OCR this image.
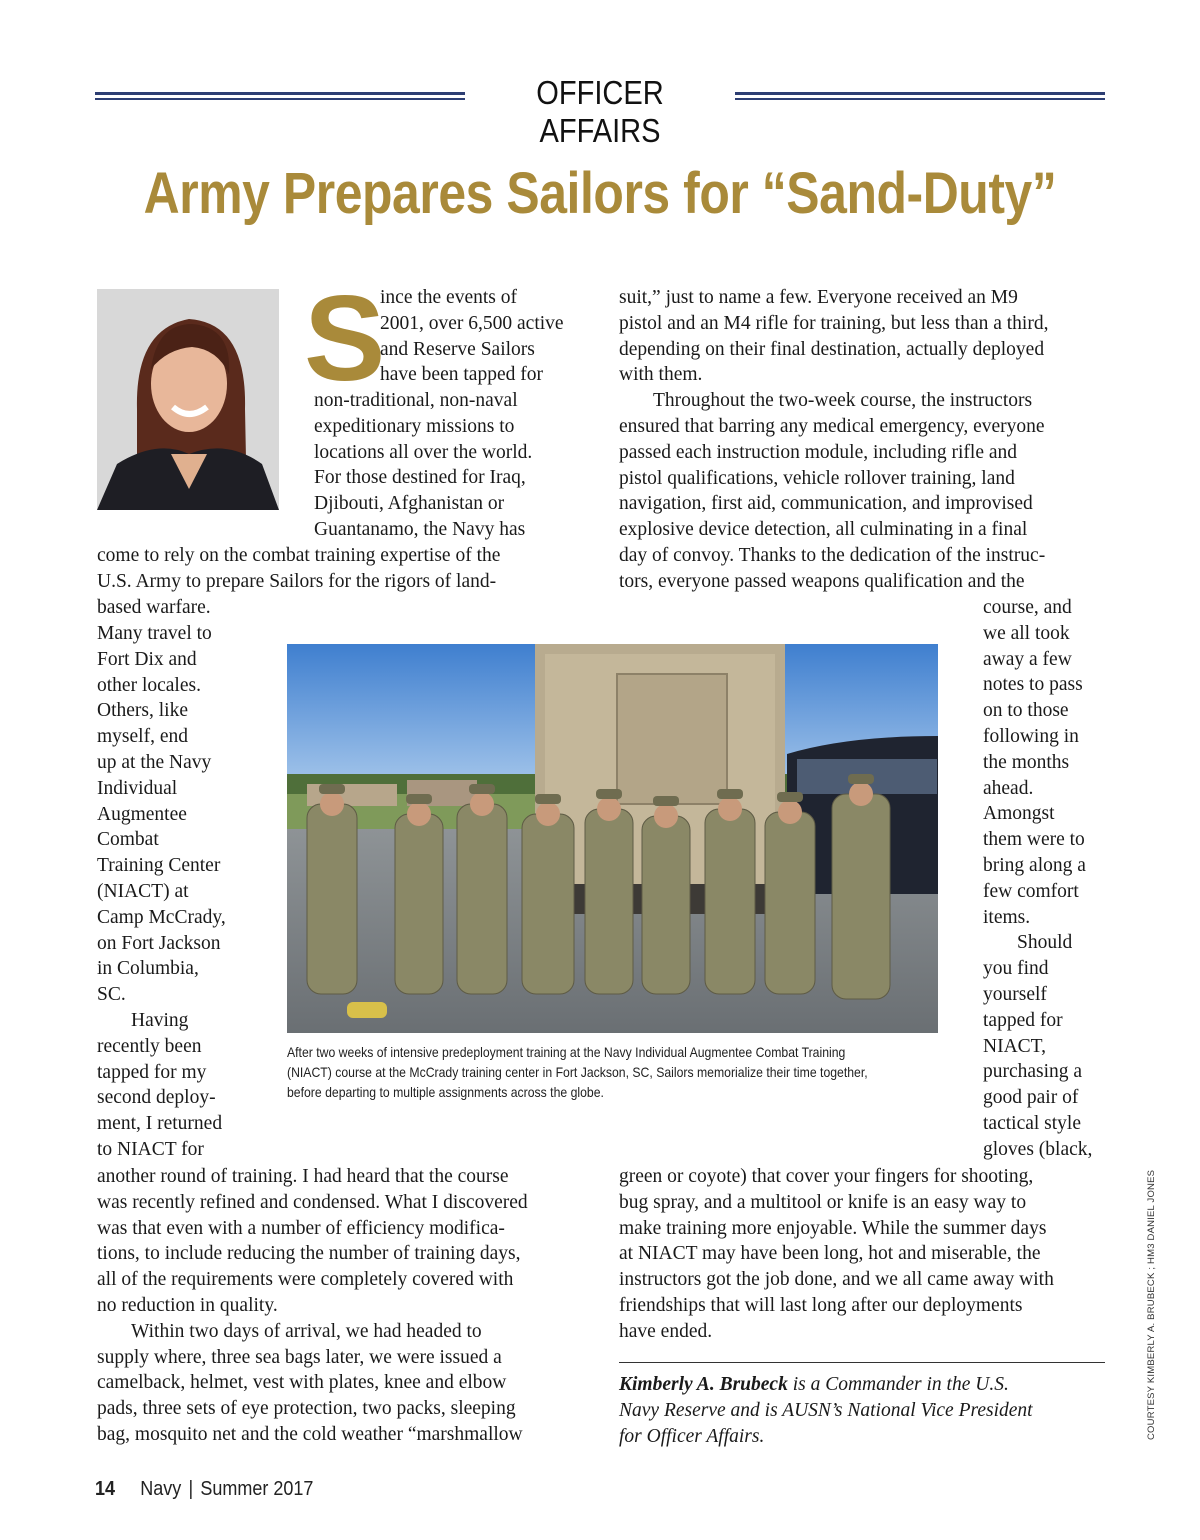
OFFICER AFFAIRS
Army Prepares Sailors for “Sand-Duty”
S

ince the events of

2001, over 6,500 active

and Reserve Sailors

have been tapped for

non-traditional, non-naval

expeditionary missions to

locations all over the world.

For those destined for Iraq,

Djibouti, Afghanistan or

Guantanamo, the Navy has

come to rely on the combat training expertise of the

U.S. Army to prepare Sailors for the rigors of land-

based warfare.

Many travel to

Fort Dix and

other locales.

Others, like

myself, end

up at the Navy

Individual

Augmentee

Combat

Training Center

(NIACT) at

Camp McCrady,

on Fort Jackson

in Columbia,

SC.

Having

recently been

tapped for my

second deploy-

ment, I returned

to NIACT for

another round of training. I had heard that the course

was recently refined and condensed. What I discovered

was that even with a number of efficiency modifica-

tions, to include reducing the number of training days,

all of the requirements were completely covered with

no reduction in quality.

Within two days of arrival, we had headed to

supply where, three sea bags later, we were issued a

camelback, helmet, vest with plates, knee and elbow

pads, three sets of eye protection, two packs, sleeping

bag, mosquito net and the cold weather “marshmallow

suit,” just to name a few. Everyone received an M9

pistol and an M4 rifle for training, but less than a third,

depending on their final destination, actually deployed

with them.

Throughout the two-week course, the instructors

ensured that barring any medical emergency, everyone

passed each instruction module, including rifle and

pistol qualifications, vehicle rollover training, land

navigation, first aid, communication, and improvised

explosive device detection, all culminating in a final

day of convoy. Thanks to the dedication of the instruc-

tors, everyone passed weapons qualification and the

course, and

we all took

away a few

notes to pass

on to those

following in

the months

ahead.

Amongst

them were to

bring along a

few comfort

items.

Should

you find

yourself

tapped for

NIACT,

purchasing a

good pair of

tactical style

gloves (black,

green or coyote) that cover your fingers for shooting,

bug spray, and a multitool or knife is an easy way to

make training more enjoyable. While the summer days

at NIACT may have been long, hot and miserable, the

instructors got the job done, and we all came away with

friendships that will last long after our deployments

have ended.

After two weeks of intensive predeployment training at the Navy Individual Augmentee Combat Training
(NIACT) course at the McCrady training center in Fort Jackson, SC, Sailors memorialize their time together,
before departing to multiple assignments across the globe.
Kimberly A. Brubeck is a Commander in the U.S.
Navy Reserve and is AUSN’s National Vice President
for Officer Affairs.	COURTESY KIMBERLY A. BRUBECK ; HM3 DANIEL JONES
14 Navy | Summer 2017
